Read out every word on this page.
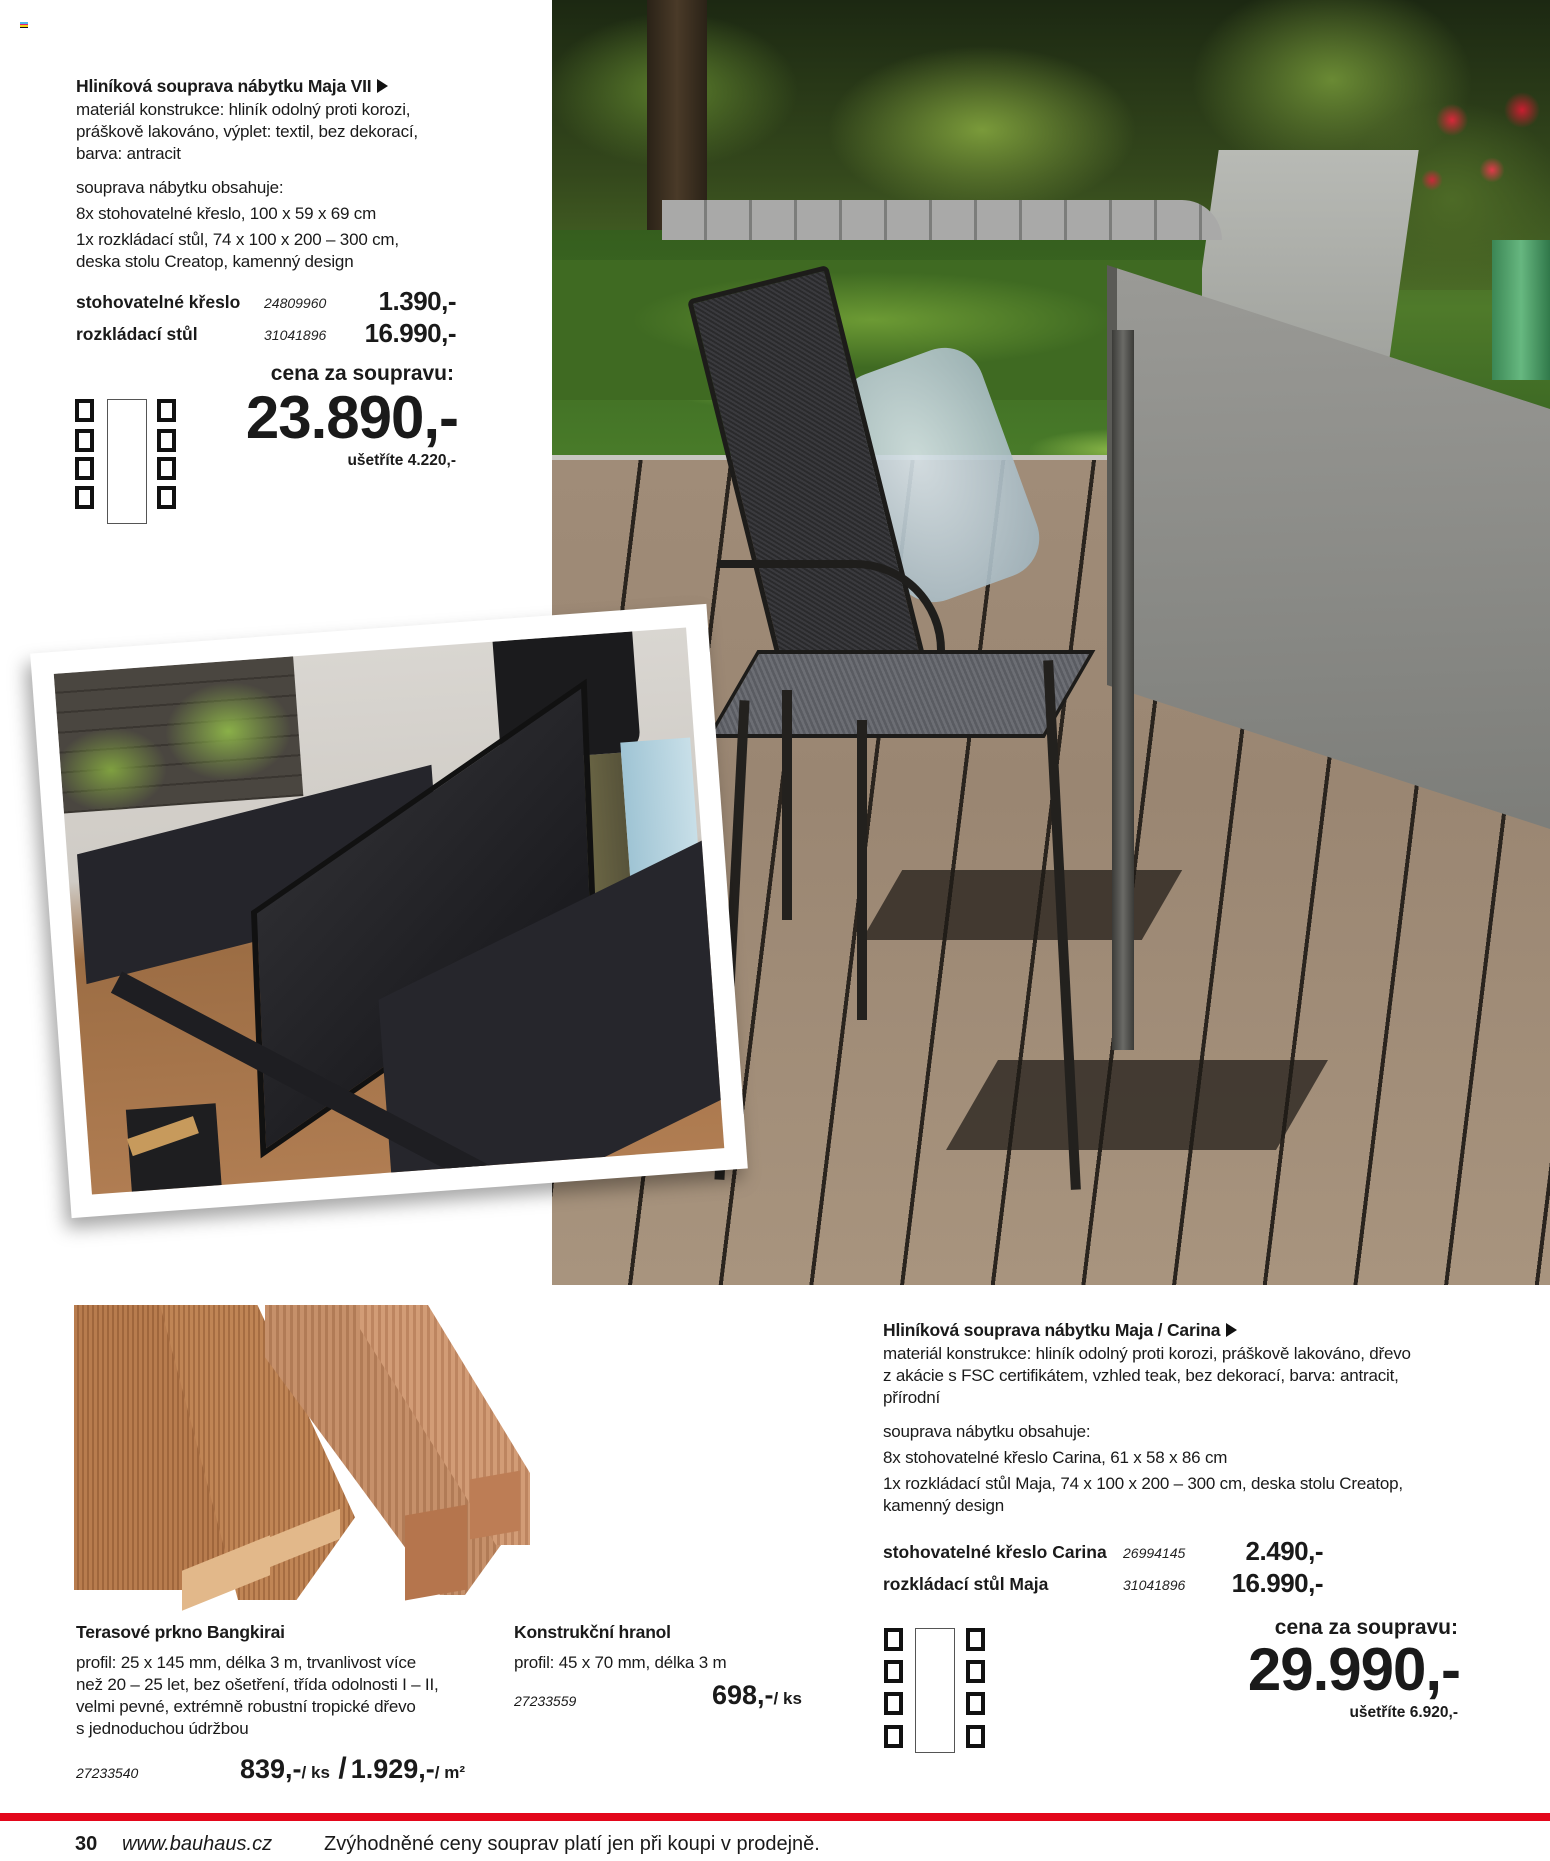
Hliníková souprava nábytku Maja VII
materiál konstrukce: hliník odolný proti korozi,
práškově lakováno, výplet: textil, bez dekorací,
barva: antracit
souprava nábytku obsahuje:
8x stohovatelné křeslo, 100 x 59 x 69 cm
1x rozkládací stůl, 74 x 100 x 200 – 300 cm,
deska stolu Creatop, kamenný design
stohovatelné křeslo 24809960 1.390,-
rozkládací stůl	31041896 16.990,-
cena za soupravu:
23.890,-
ušetříte 4.220,-
Terasové prkno Bangkirai
profil: 25 x 145 mm, délka 3 m, trvanlivost více
než 20 – 25 let, bez ošetření, třída odolnosti I – II,
velmi pevné, extrémně robustní tropické dřevo
s jednoduchou údržbou
27233540	839,-/ ks / 1.929,-/ m²
Konstrukční hranol
profil: 45 x 70 mm, délka 3 m
27233559	698,-/ ks
Hliníková souprava nábytku Maja / Carina
materiál konstrukce: hliník odolný proti korozi, práškově lakováno, dřevo
z akácie s FSC certifikátem, vzhled teak, bez dekorací, barva: antracit,
přírodní
souprava nábytku obsahuje:
8x stohovatelné křeslo Carina, 61 x 58 x 86 cm
1x rozkládací stůl Maja, 74 x 100 x 200 – 300 cm, deska stolu Creatop,
kamenný design
stohovatelné křeslo Carina 26994145 2.490,-
rozkládací stůl Maja	31041896 16.990,-
cena za soupravu:
29.990,-
ušetříte 6.920,-
30 www.bauhaus.cz	Zvýhodněné ceny souprav platí jen při koupi v prodejně.
